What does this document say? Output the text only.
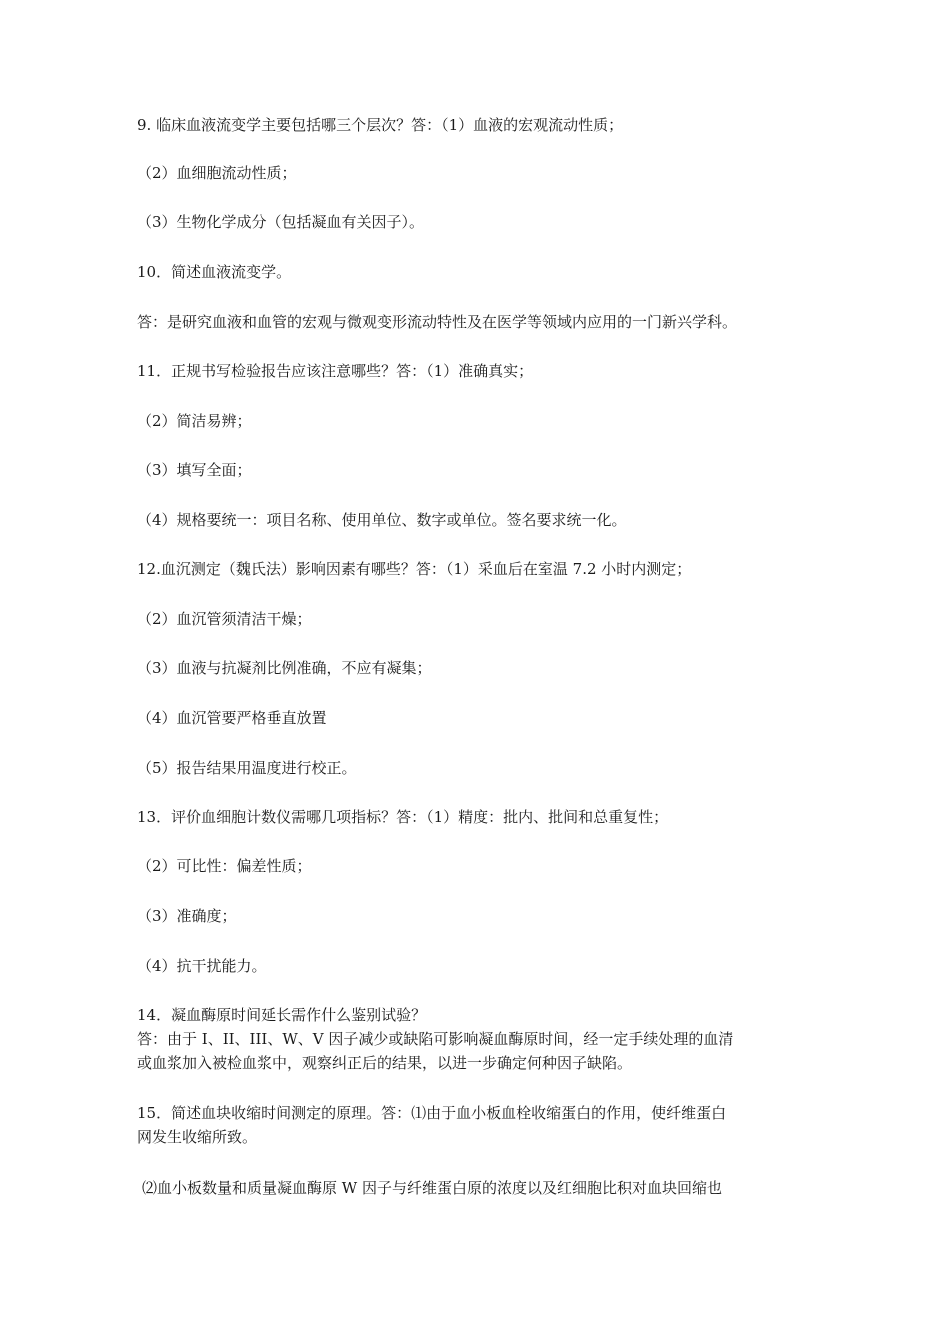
9. 临床血液流变学主要包括哪三个层次？答：（1）血液的宏观流动性质；
（2）血细胞流动性质；
（3）生物化学成分（包括凝血有关因子）。
10．简述血液流变学。
答：是研究血液和血管的宏观与微观变形流动特性及在医学等领域内应用的一门新兴学科。
11．正规书写检验报告应该注意哪些？答：（1）准确真实；
（2）简洁易辨；
（3）填写全面；
（4）规格要统一：项目名称、使用单位、数字或单位。签名要求统一化。
12.血沉测定（魏氏法）影响因素有哪些？答：（1）采血后在室温 7.2 小时内测定；
（2）血沉管须清洁干燥；
（3）血液与抗凝剂比例准确，不应有凝集；
（4）血沉管要严格垂直放置
（5）报告结果用温度进行校正。
13．评价血细胞计数仪需哪几项指标？答：（1）精度：批内、批间和总重复性；
（2）可比性：偏差性质；
（3）准确度；
（4）抗干扰能力。
14．凝血酶原时间延长需作什么鉴别试验？
答：由于 I、II、III、W、V 因子减少或缺陷可影响凝血酶原时间，经一定手续处理的血清
或血浆加入被检血浆中，观察纠正后的结果，以进一步确定何种因子缺陷。
15．简述血块收缩时间测定的原理。答：⑴由于血小板血栓收缩蛋白的作用，使纤维蛋白
网发生收缩所致。
⑵血小板数量和质量凝血酶原 W 因子与纤维蛋白原的浓度以及红细胞比积对血块回缩也
